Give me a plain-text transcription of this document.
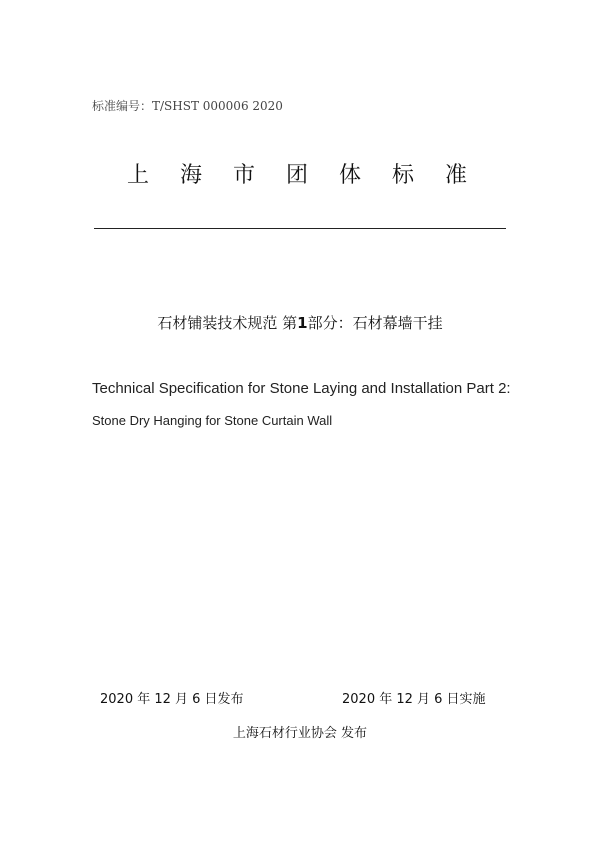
标准编号：T/SHST 000006 2020
上 海 市 团 体 标 准
石材铺装技术规范 第1部分：石材幕墙干挂
Technical Specification for Stone Laying and Installation Part 2:
Stone Dry Hanging for Stone Curtain Wall
2020 年 12 月 6 日发布	2020 年 12 月 6 日实施
上海石材行业协会 发布
